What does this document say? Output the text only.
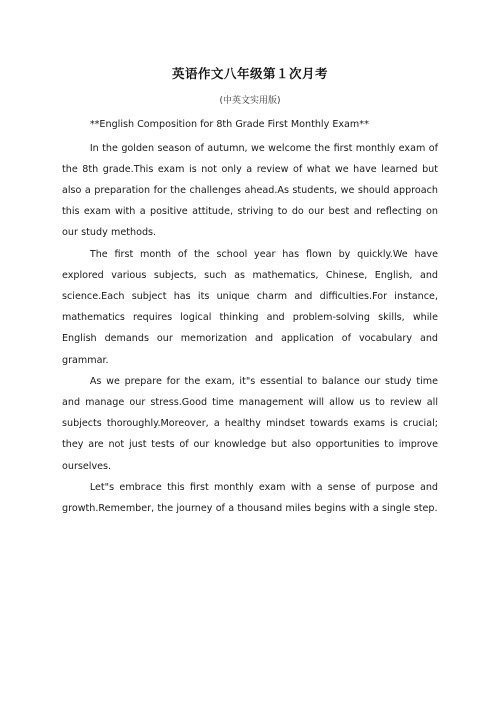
英语作文八年级第１次月考
(中英文实用版)
**English Composition for 8th Grade First Monthly Exam**

In the golden season of autumn, we welcome the first monthly exam of the 8th grade.This exam is not only a review of what we have learned but also a preparation for the challenges ahead.As students, we should approach this exam with a positive attitude, striving to do our best and reflecting on our study methods.

The first month of the school year has flown by quickly.We have explored various subjects, such as mathematics, Chinese, English, and science.Each subject has its unique charm and difficulties.For instance, mathematics requires logical thinking and problem-solving skills, while English demands our memorization and application of vocabulary and grammar.

As we prepare for the exam, it"s essential to balance our study time and manage our stress.Good time management will allow us to review all subjects thoroughly.Moreover, a healthy mindset towards exams is crucial; they are not just tests of our knowledge but also opportunities to improve ourselves.

Let"s embrace this first monthly exam with a sense of purpose and growth.Remember, the journey of a thousand miles begins with a single step.
